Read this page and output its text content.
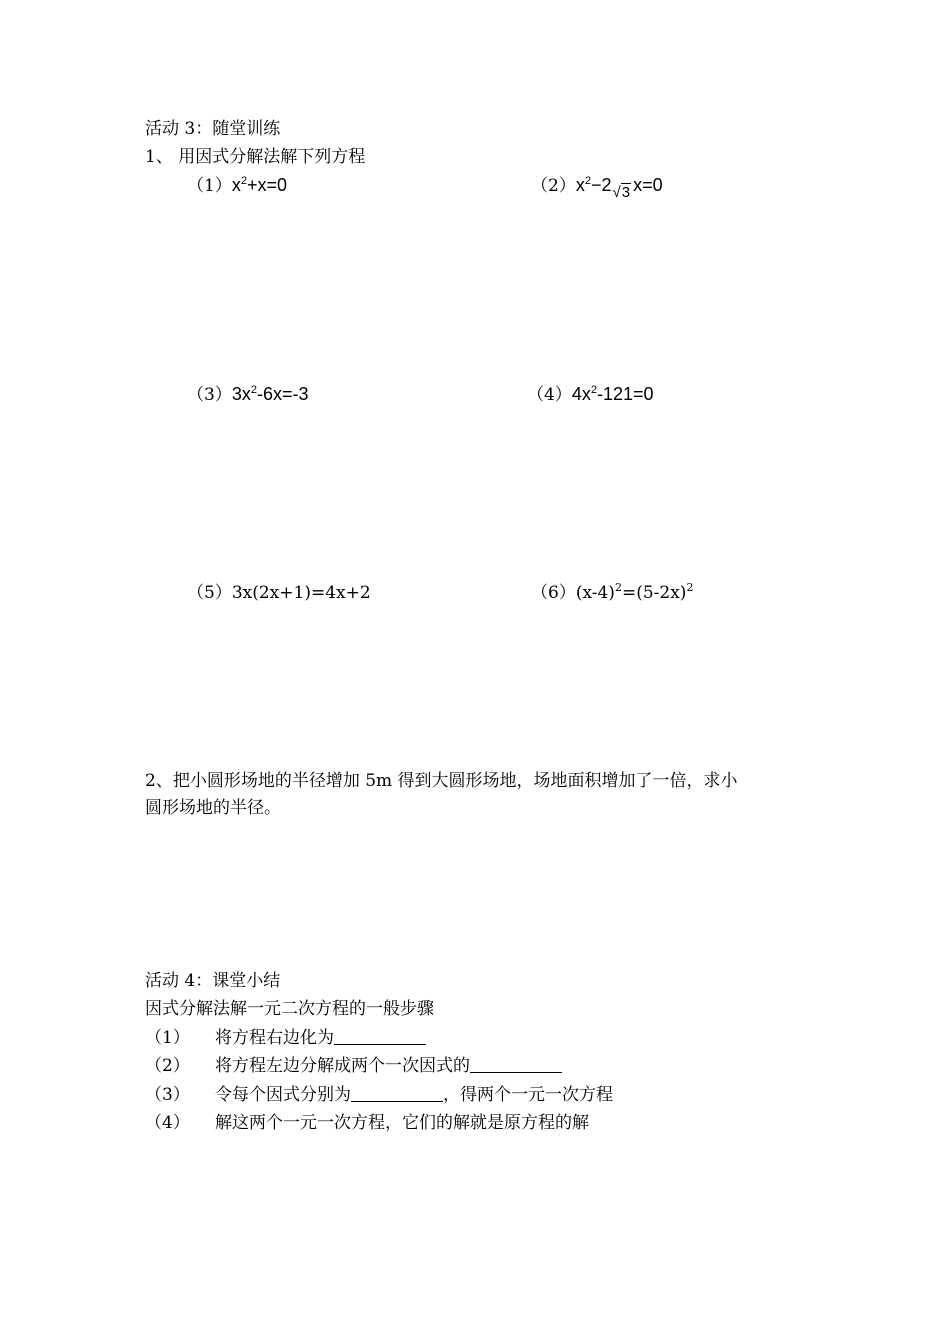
活动 3：随堂训练
1、 用因式分解法解下列方程
$(1)x^2+x=0$	$(2)x^2-2√3$ x=0
$(3)3x^2-6x=-3$	$(4)4x^2-121=0$
（5）3x(2x+1)=4x+2	$(6)(x-4)^2=(5-2x)^2$
2、把小圆形场地的半径增加 5m 得到大圆形场地，场地面积增加了一倍，求小
圆形场地的半径。
活动 4：课堂小结
因式分解法解一元二次方程的一般步骤
（1） 将方程右边化为
（2） 将方程左边分解成两个一次因式的
（3） 令每个因式分别为	，得两个一元一次方程
（4） 解这两个一元一次方程，它们的解就是原方程的解
